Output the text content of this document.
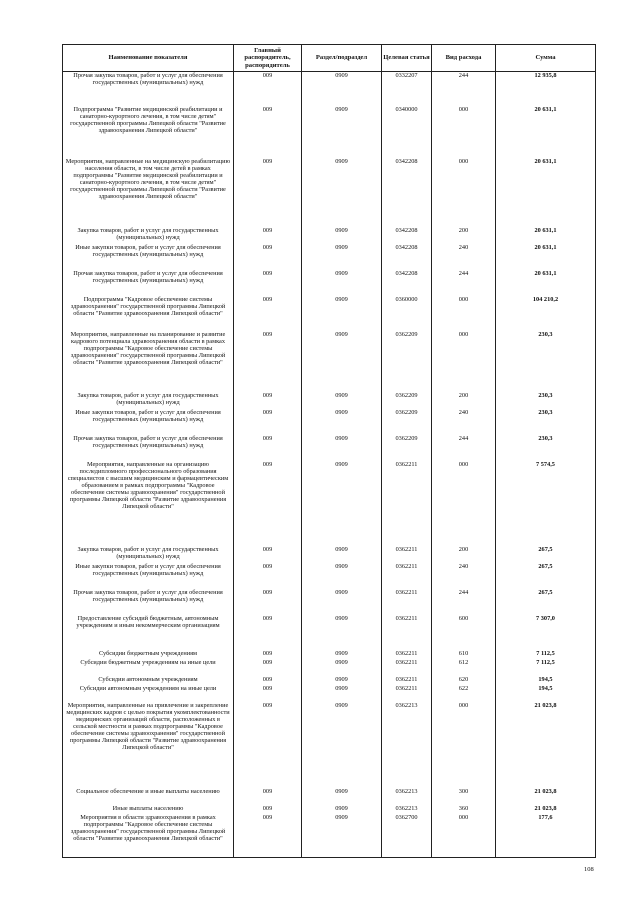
Наименование показателя	Главный распорядитель, распорядитель	Раздел/подраздел	Целевая статья	Вид расхода	Сумма
Прочая закупка товаров, работ и услуг для обеспечения государственных (муниципальных) нужд	009	0909	0332207	244	12 935,8
Подпрограмма "Развитие медицинской реабилитации и санаторно-курортного лечения, в том числе детям" государственной программы Липецкой области "Развитие здравоохранения Липецкой области"	009	0909	0340000	000	20 631,1
Мероприятия, направленные на медицинскую реабилитацию населения области, в том числе детей в рамках подпрограммы "Развитие медицинской реабилитации и санаторно-курортного лечения, в том числе детям" государственной программы Липецкой области "Развитие здравоохранения Липецкой области"	009	0909	0342208	000	20 631,1
Закупка товаров, работ и услуг для государственных (муниципальных) нужд	009	0909	0342208	200	20 631,1
Иные закупки товаров, работ и услуг для обеспечения государственных (муниципальных) нужд	009	0909	0342208	240	20 631,1
Прочая закупка товаров, работ и услуг для обеспечения государственных (муниципальных) нужд	009	0909	0342208	244	20 631,1
Подпрограмма "Кадровое обеспечение системы здравоохранения" государственной программы Липецкой области "Развитие здравоохранения Липецкой области"	009	0909	0360000	000	104 210,2
Мероприятия, направленные на планирование и развитие кадрового потенциала здравоохранения области в рамках подпрограммы "Кадровое обеспечение системы здравоохранения" государственной программы Липецкой области "Развитие здравоохранения Липецкой области"	009	0909	0362209	000	230,3
Закупка товаров, работ и услуг для государственных (муниципальных) нужд	009	0909	0362209	200	230,3
Иные закупки товаров, работ и услуг для обеспечения государственных (муниципальных) нужд	009	0909	0362209	240	230,3
Прочая закупка товаров, работ и услуг для обеспечения государственных (муниципальных) нужд	009	0909	0362209	244	230,3
Мероприятия, направленные на организацию последипломного профессионального образования специалистов с высшим медицинским и фармацевтическим образованием в рамках подпрограммы "Кадровое обеспечение системы здравоохранения" государственной программы Липецкой области "Развитие здравоохранения Липецкой области"	009	0909	0362211	000	7 574,5
Закупка товаров, работ и услуг для государственных (муниципальных) нужд	009	0909	0362211	200	267,5
Иные закупки товаров, работ и услуг для обеспечения государственных (муниципальных) нужд	009	0909	0362211	240	267,5
Прочая закупка товаров, работ и услуг для обеспечения государственных (муниципальных) нужд	009	0909	0362211	244	267,5
Предоставление субсидий бюджетным, автономным учреждениям и иным некоммерческим организациям	009	0909	0362211	600	7 307,0
Субсидии бюджетным учреждениям	009	0909	0362211	610	7 112,5
Субсидии бюджетным учреждениям на иные цели	009	0909	0362211	612	7 112,5
Субсидии автономным учреждениям	009	0909	0362211	620	194,5
Субсидии автономным учреждениям на иные цели	009	0909	0362211	622	194,5
Мероприятия, направленные на привлечение и закрепление медицинских кадров с целью покрытия укомплектованности медицинских организаций области, расположенных в сельской местности и рамках подпрограммы "Кадровое обеспечение системы здравоохранения" государственной программы Липецкой области "Развитие здравоохранения Липецкой области"	009	0909	0362213	000	21 023,8
Социальное обеспечение и иные выплаты населению	009	0909	0362213	300	21 023,8
Иные выплаты населению	009	0909	0362213	360	21 023,8
Мероприятия в области здравоохранения в рамках подпрограммы "Кадровое обеспечение системы здравоохранения" государственной программы Липецкой области "Развитие здравоохранения Липецкой области"	009	0909	0362700	000	177,6
108
